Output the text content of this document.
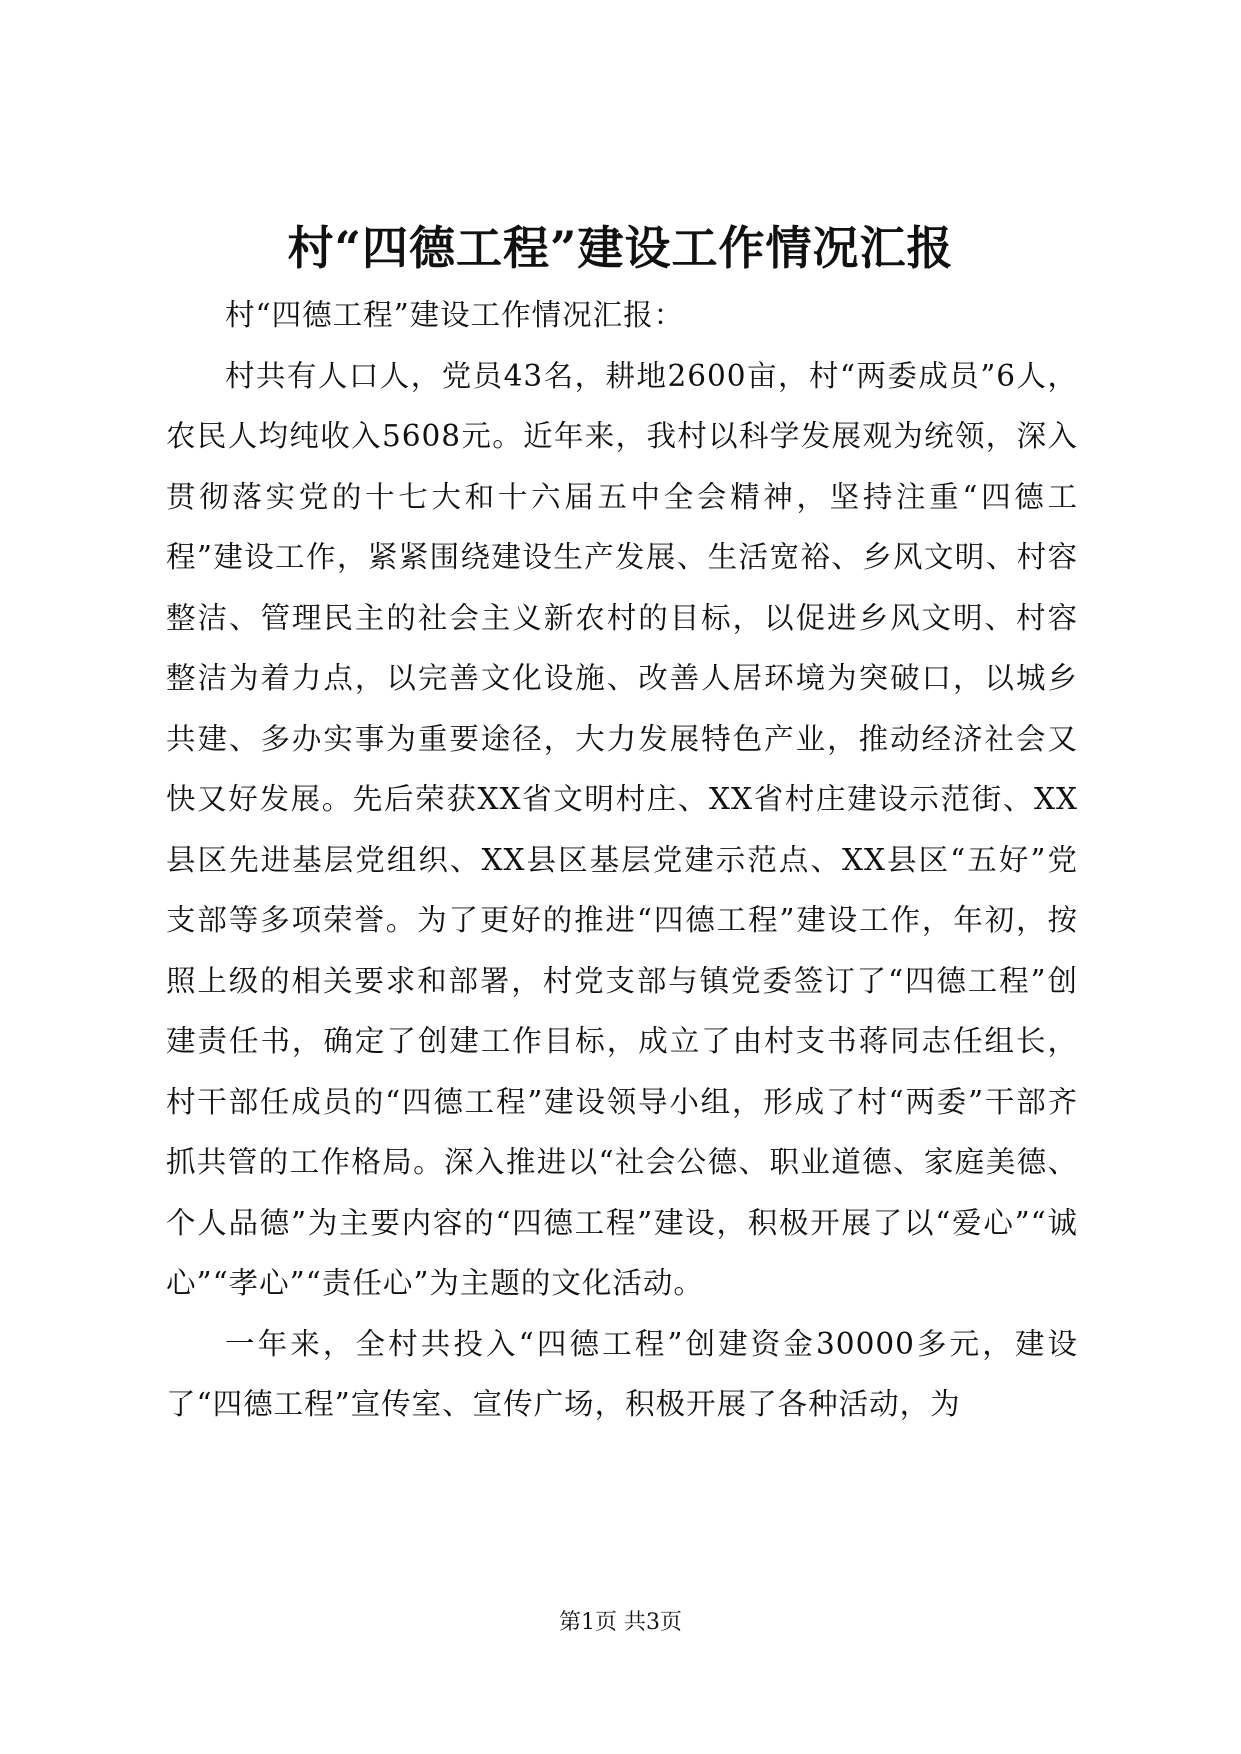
村“四德工程”建设工作情况汇报

村“四德工程”建设工作情况汇报：

村共有人口人，党员43名，耕地2600亩，村“两委成员”6人，农民人均纯收入5608元。近年来，我村以科学发展观为统领，深入贯彻落实党的十七大和十六届五中全会精神，坚持注重“四德工程”建设工作，紧紧围绕建设生产发展、生活宽裕、乡风文明、村容整洁、管理民主的社会主义新农村的目标，以促进乡风文明、村容整洁为着力点，以完善文化设施、改善人居环境为突破口，以城乡共建、多办实事为重要途径，大力发展特色产业，推动经济社会又快又好发展。先后荣获XX省文明村庄、XX省村庄建设示范街、XX县区先进基层党组织、XX县区基层党建示范点、XX县区“五好”党支部等多项荣誉。为了更好的推进“四德工程”建设工作，年初，按照上级的相关要求和部署，村党支部与镇党委签订了“四德工程”创建责任书，确定了创建工作目标，成立了由村支书蒋同志任组长，村干部任成员的“四德工程”建设领导小组，形成了村“两委”干部齐抓共管的工作格局。深入推进以“社会公德、职业道德、家庭美德、个人品德”为主要内容的“四德工程”建设，积极开展了以“爱心”“诚心”“孝心”“责任心”为主题的文化活动。

一年来，全村共投入“四德工程”创建资金30000多元，建设了“四德工程”宣传室、宣传广场，积极开展了各种活动，为

第1页 共3页
